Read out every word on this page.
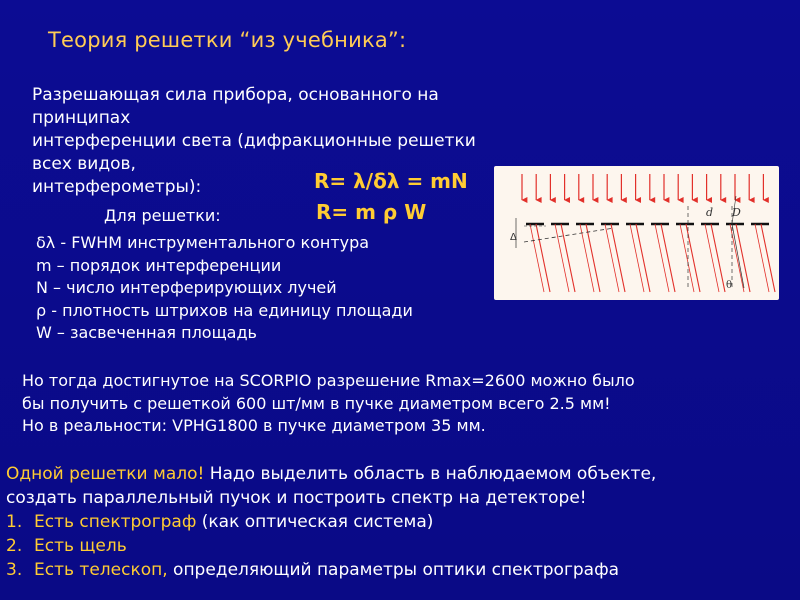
Теория решетки “из учебника”:
Разрешающая сила прибора, основанного на принципах
интерференции света (дифракционные решетки всех видов,
интерферометры):	R= λ/δλ = mN
R= m ρ W
Для решетки:
δλ - FWHM инструментального контура
m – порядок интерференции
N – число интерферирующих лучей
ρ - плотность штрихов на единицу площади
W – засвеченная площадь
Δ
d D
θ
Но тогда достигнутое на SCORPIO разрешение Rmax=2600 можно было
бы получить с решеткой 600 шт/мм в пучке диаметром всего 2.5 мм!
Но в реальности: VPHG1800 в пучке диаметром 35 мм.
Одной решетки мало! Надо выделить область в наблюдаемом объекте,
создать параллельный пучок и построить спектр на детекторе!
1. Есть спектрограф (как оптическая система)
2. Есть щель
3. Есть телескоп, определяющий параметры оптики спектрографа
